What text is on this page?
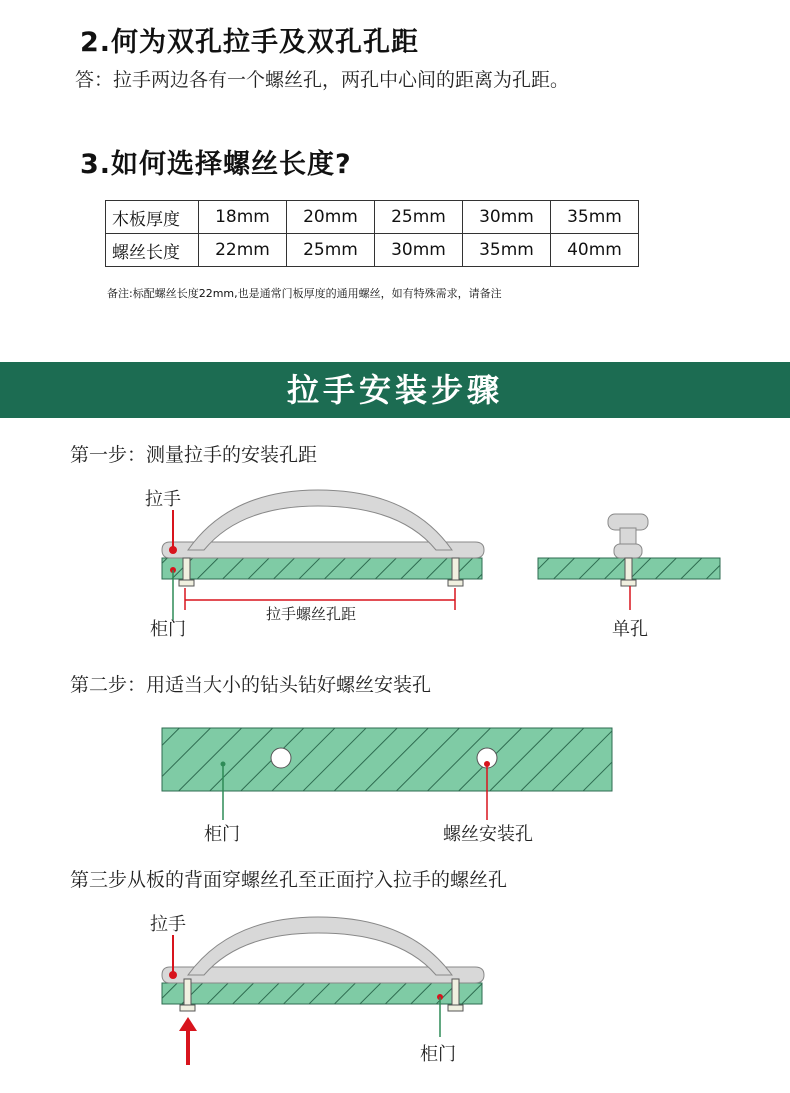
2.何为双孔拉手及双孔孔距
答：拉手两边各有一个螺丝孔，两孔中心间的距离为孔距。
3.如何选择螺丝长度?
木板厚度	18mm	20mm	25mm	30mm	35mm
螺丝长度	22mm	25mm	30mm	35mm	40mm
备注:标配螺丝长度22mm,也是通常门板厚度的通用螺丝，如有特殊需求，请备注
拉手安装步骤
第一步：测量拉手的安装孔距
拉手
柜门
拉手螺丝孔距
单孔
第二步：用适当大小的钻头钻好螺丝安装孔
柜门	螺丝安装孔
第三步从板的背面穿螺丝孔至正面拧入拉手的螺丝孔
拉手
柜门
